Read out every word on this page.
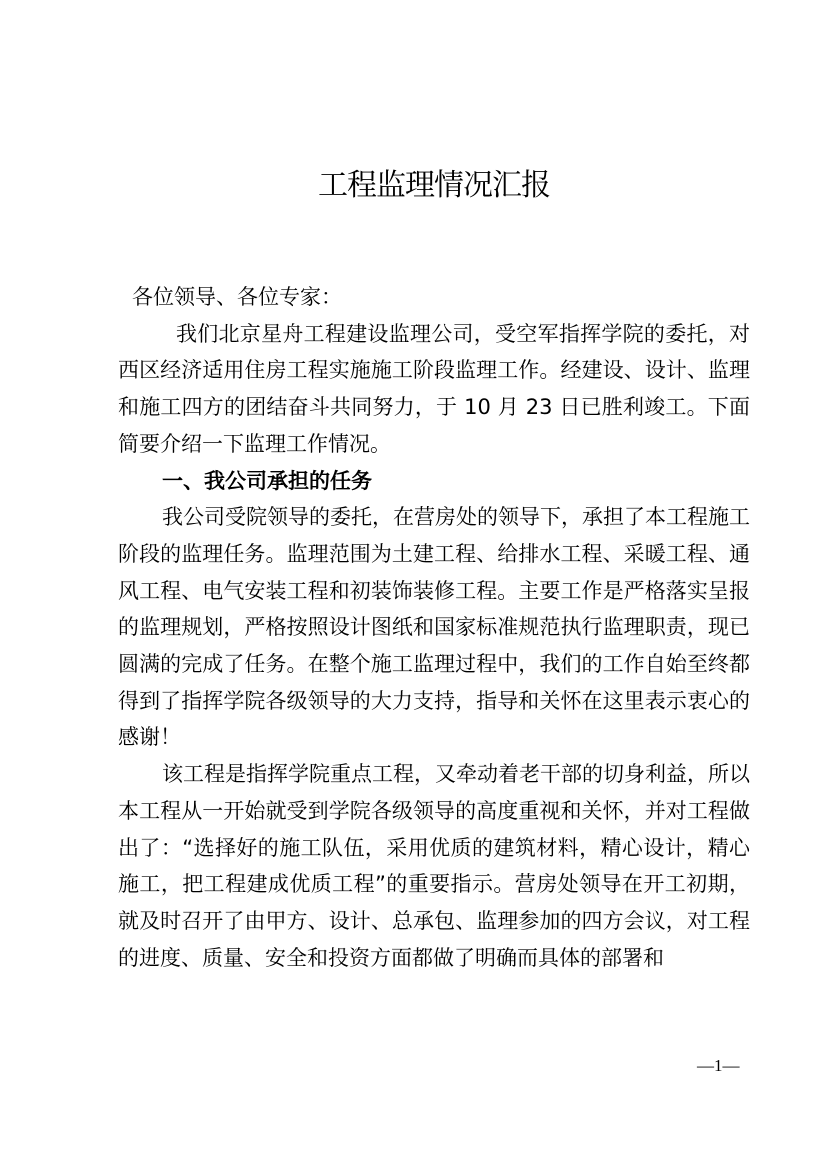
工程监理情况汇报

各位领导、各位专家：

我们北京星舟工程建设监理公司，受空军指挥学院的委托，对西区经济适用住房工程实施施工阶段监理工作。经建设、设计、监理和施工四方的团结奋斗共同努力，于 10 月 23 日已胜利竣工。下面简要介绍一下监理工作情况。

一、我公司承担的任务

我公司受院领导的委托，在营房处的领导下，承担了本工程施工阶段的监理任务。监理范围为土建工程、给排水工程、采暖工程、通风工程、电气安装工程和初装饰装修工程。主要工作是严格落实呈报的监理规划，严格按照设计图纸和国家标准规范执行监理职责，现已圆满的完成了任务。在整个施工监理过程中，我们的工作自始至终都得到了指挥学院各级领导的大力支持，指导和关怀在这里表示衷心的感谢！

该工程是指挥学院重点工程，又牵动着老干部的切身利益，所以本工程从一开始就受到学院各级领导的高度重视和关怀，并对工程做出了：“选择好的施工队伍，采用优质的建筑材料，精心设计，精心施工，把工程建成优质工程”的重要指示。营房处领导在开工初期，就及时召开了由甲方、设计、总承包、监理参加的四方会议，对工程的进度、质量、安全和投资方面都做了明确而具体的部署和

—1—
